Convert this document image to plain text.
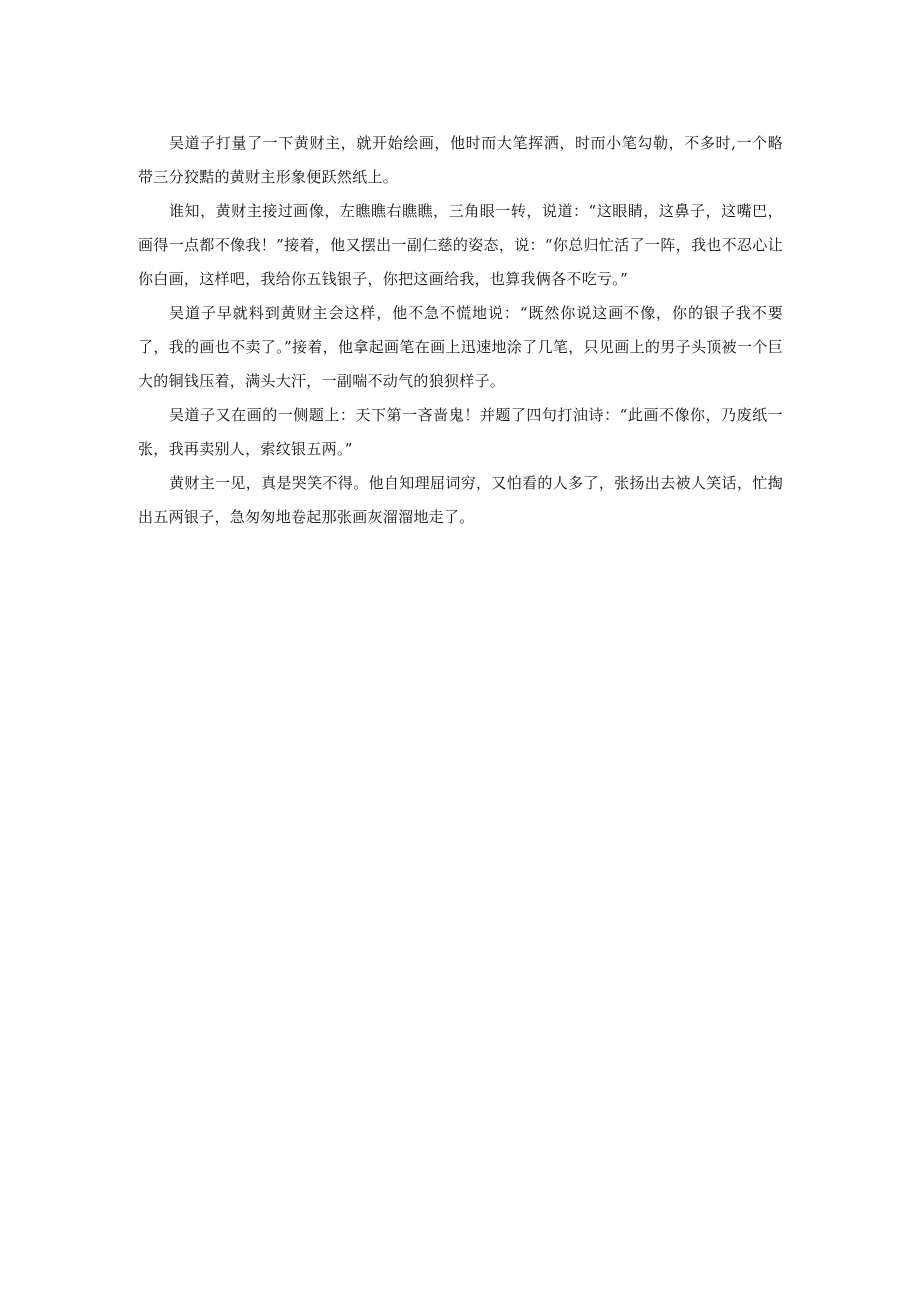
吴道子打量了一下黄财主，就开始绘画，他时而大笔挥洒，时而小笔勾勒，不多时,一个略带三分狡黠的黄财主形象便跃然纸上。

谁知，黄财主接过画像，左瞧瞧右瞧瞧，三角眼一转，说道：“这眼睛，这鼻子，这嘴巴，画得一点都不像我！”接着，他又摆出一副仁慈的姿态，说：“你总归忙活了一阵，我也不忍心让你白画，这样吧，我给你五钱银子，你把这画给我，也算我俩各不吃亏。”

吴道子早就料到黄财主会这样，他不急不慌地说：“既然你说这画不像，你的银子我不要了，我的画也不卖了。”接着，他拿起画笔在画上迅速地涂了几笔，只见画上的男子头顶被一个巨大的铜钱压着，满头大汗，一副喘不动气的狼狈样子。

吴道子又在画的一侧题上：天下第一吝啬鬼！并题了四句打油诗：“此画不像你，乃废纸一张，我再卖别人，索纹银五两。”

黄财主一见，真是哭笑不得。他自知理屈词穷，又怕看的人多了，张扬出去被人笑话，忙掏出五两银子，急匆匆地卷起那张画灰溜溜地走了。
